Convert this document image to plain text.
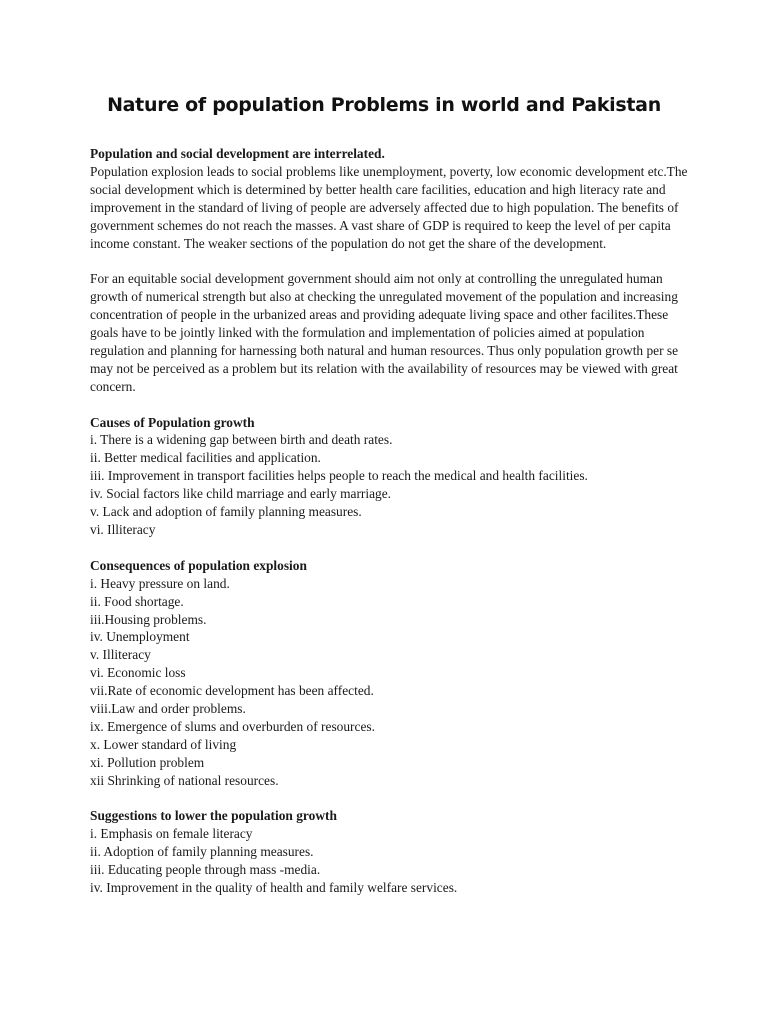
Nature of population Problems in world and Pakistan

Population and social development are interrelated.

Population explosion leads to social problems like unemployment, poverty, low economic development etc.The social development which is determined by better health care facilities, education and high literacy rate and improvement in the standard of living of people are adversely affected due to high population. The benefits of government schemes do not reach the masses. A vast share of GDP is required to keep the level of per capita income constant. The weaker sections of the population do not get the share of the development.

For an equitable social development government should aim not only at controlling the unregulated human growth of numerical strength but also at checking the unregulated movement of the population and increasing concentration of people in the urbanized areas and providing adequate living space and other facilites.These goals have to be jointly linked with the formulation and implementation of policies aimed at population regulation and planning for harnessing both natural and human resources. Thus only population growth per se may not be perceived as a problem but its relation with the availability of resources may be viewed with great concern.

Causes of Population growth

i. There is a widening gap between birth and death rates.
ii. Better medical facilities and application.
iii. Improvement in transport facilities helps people to reach the medical and health facilities.
iv. Social factors like child marriage and early marriage.
v. Lack and adoption of family planning measures.
vi. Illiteracy

Consequences of population explosion

i. Heavy pressure on land.
ii. Food shortage.
iii.Housing problems.
iv. Unemployment
v. Illiteracy
vi. Economic loss
vii.Rate of economic development has been affected.
viii.Law and order problems.
ix. Emergence of slums and overburden of resources.
x. Lower standard of living
xi. Pollution problem
xii Shrinking of national resources.

Suggestions to lower the population growth

i. Emphasis on female literacy
ii. Adoption of family planning measures.
iii. Educating people through mass -media.
iv. Improvement in the quality of health and family welfare services.
